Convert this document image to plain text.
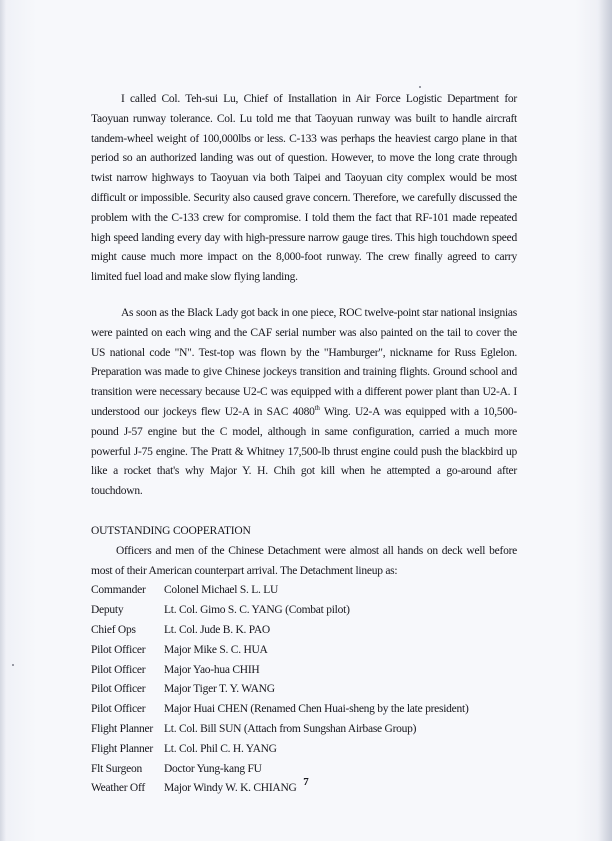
I called Col. Teh-sui Lu, Chief of Installation in Air Force Logistic Department for Taoyuan runway tolerance. Col. Lu told me that Taoyuan runway was built to handle aircraft tandem-wheel weight of 100,000lbs or less. C-133 was perhaps the heaviest cargo plane in that period so an authorized landing was out of question. However, to move the long crate through twist narrow highways to Taoyuan via both Taipei and Taoyuan city complex would be most difficult or impossible. Security also caused grave concern. Therefore, we carefully discussed the problem with the C-133 crew for compromise. I told them the fact that RF-101 made repeated high speed landing every day with high-pressure narrow gauge tires. This high touchdown speed might cause much more impact on the 8,000-foot runway. The crew finally agreed to carry limited fuel load and make slow flying landing.

As soon as the Black Lady got back in one piece, ROC twelve-point star national insignias were painted on each wing and the CAF serial number was also painted on the tail to cover the US national code "N". Test-top was flown by the "Hamburger", nickname for Russ Eglelon. Preparation was made to give Chinese jockeys transition and training flights. Ground school and transition were necessary because U2-C was equipped with a different power plant than U2-A. I understood our jockeys flew U2-A in SAC 4080th Wing. U2-A was equipped with a 10,500-pound J-57 engine but the C model, although in same configuration, carried a much more powerful J-75 engine. The Pratt & Whitney 17,500-lb thrust engine could push the blackbird up like a rocket that's why Major Y. H. Chih got kill when he attempted a go-around after touchdown.

OUTSTANDING COOPERATION

Officers and men of the Chinese Detachment were almost all hands on deck well before most of their American counterpart arrival. The Detachment lineup as:

Commander	Colonel Michael S. L. LU
Deputy	Lt. Col. Gimo S. C. YANG (Combat pilot)
Chief Ops	Lt. Col. Jude B. K. PAO
Pilot Officer	Major Mike S. C. HUA
Pilot Officer	Major Yao-hua CHIH
Pilot Officer	Major Tiger T. Y. WANG
Pilot Officer	Major Huai CHEN (Renamed Chen Huai-sheng by the late president)
Flight Planner Lt. Col. Bill SUN (Attach from Sungshan Airbase Group)
Flight Planner Lt. Col. Phil C. H. YANG
Flt Surgeon	Doctor Yung-kang FU
Weather Off	Major Windy W. K. CHIANG
7
